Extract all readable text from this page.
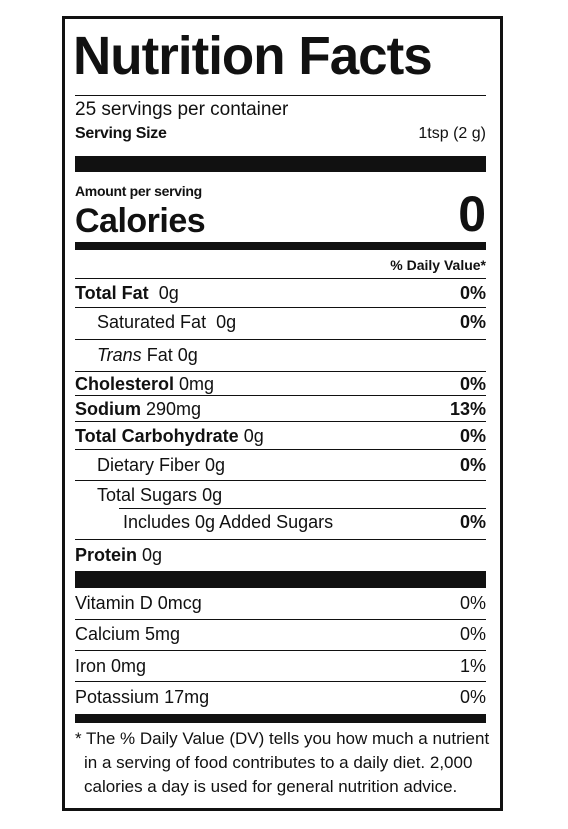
Nutrition Facts
25 servings per container
Serving Size	1tsp (2 g)
Amount per serving
Calories	0
% Daily Value*
Total Fat 0g	0%
Saturated Fat 0g	0%
Trans Fat 0g
Cholesterol 0mg	0%
Sodium 290mg	13%
Total Carbohydrate 0g	0%
Dietary Fiber 0g	0%
Total Sugars 0g
Includes 0g Added Sugars	0%
Protein 0g
Vitamin D 0mcg	0%
Calcium 5mg	0%
Iron 0mg	1%
Potassium 17mg	0%
* The % Daily Value (DV) tells you how much a nutrient
in a serving of food contributes to a daily diet. 2,000
calories a day is used for general nutrition advice.
